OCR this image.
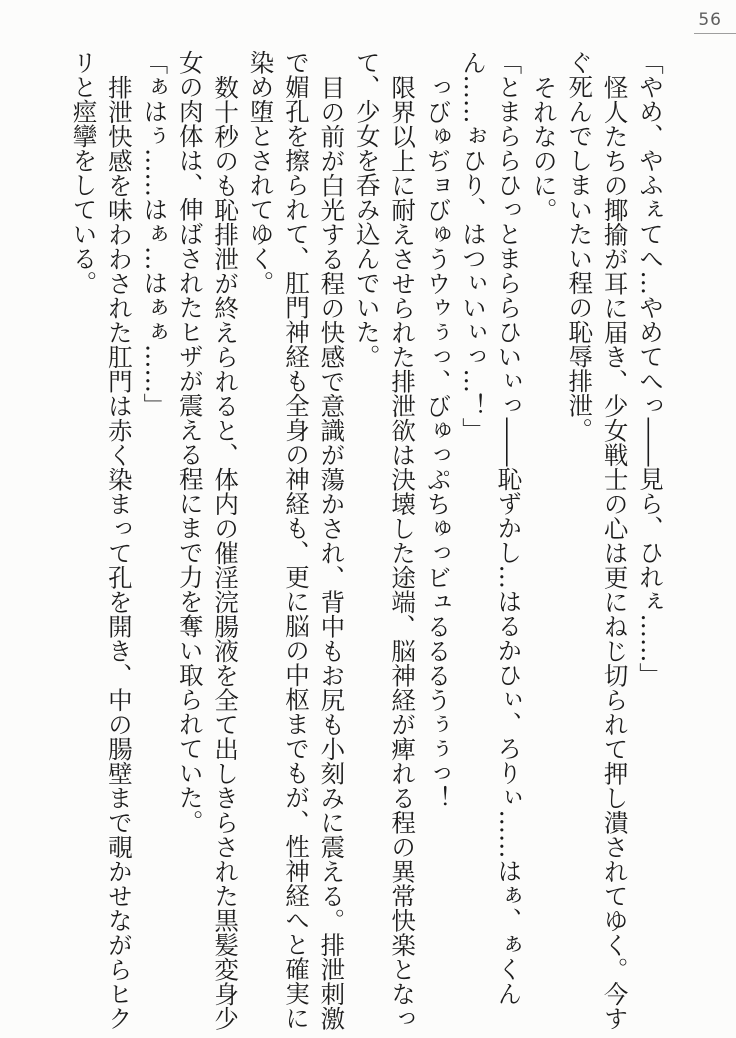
56

「やめ、やふぇてへ…やめてへっ――見ら、ひれぇ……」

怪人たちの揶揄が耳に届き、少女戦士の心は更にねじ切られて押し潰されてゆく。今すぐ死んでしまいたい程の恥辱排泄。

それなのに。

「とまららひっとまららひいぃっ――恥ずかし…はるかひぃ、ろりぃ……はぁ、ぁくんん……ぉひり、はつぃいぃっ…！」

っびゅぢョびゅうウゥぅっ、びゅっぷちゅっビュるるるうぅぅっ！

限界以上に耐えさせられた排泄欲は決壊した途端、脳神経が痺れる程の異常快楽となって、少女を呑み込んでいた。

目の前が白光する程の快感で意識が蕩かされ、背中もお尻も小刻みに震える。排泄刺激で媚孔を擦られて、肛門神経も全身の神経も、更に脳の中枢までもが、性神経へと確実に染め堕とされてゆく。

数十秒のも恥排泄が終えられると、体内の催淫浣腸液を全て出しきらされた黒髪変身少女の肉体は、伸ばされたヒザが震える程にまで力を奪い取られていた。

「ぁはぅ……はぁ…はぁぁ……」

排泄快感を味わわされた肛門は赤く染まって孔を開き、中の腸壁まで覗かせながらヒクリと痙攣をしている。
